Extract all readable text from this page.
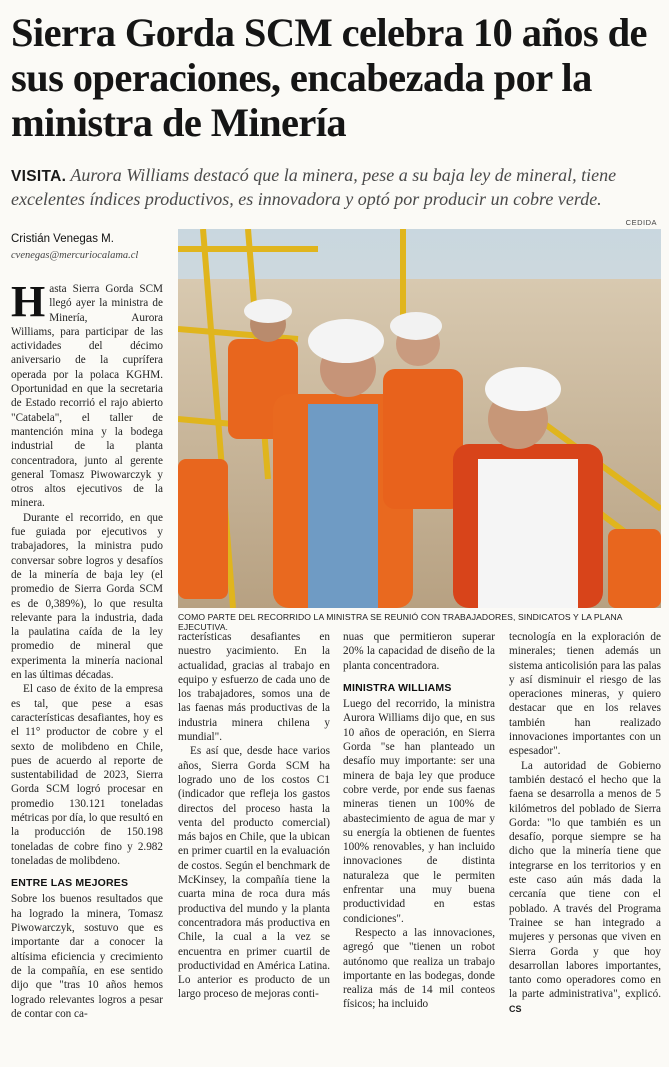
Sierra Gorda SCM celebra 10 años de sus operaciones, encabezada por la ministra de Minería

VISITA. Aurora Williams destacó que la minera, pese a su baja ley de mineral, tiene excelentes índices productivos, es innovadora y optó por producir un cobre verde.

CEDIDA
Cristián Venegas M.
cvenegas@mercuriocalama.cl
COMO PARTE DEL RECORRIDO LA MINISTRA SE REUNIÓ CON TRABAJADORES, SINDICATOS Y LA PLANA EJECUTIVA.

Hasta Sierra Gorda SCM llegó ayer la ministra de Minería, Aurora Williams, para participar de las actividades del décimo aniversario de la cuprífera operada por la polaca KGHM. Oportunidad en que la secretaria de Estado recorrió el rajo abierto "Catabela", el taller de mantención mina y la bodega industrial de la planta concentradora, junto al gerente general Tomasz Piwowarczyk y otros altos ejecutivos de la minera.

Durante el recorrido, en que fue guiada por ejecutivos y trabajadores, la ministra pudo conversar sobre logros y desafíos de la minería de baja ley (el promedio de Sierra Gorda SCM es de 0,389%), lo que resulta relevante para la industria, dada la paulatina caída de la ley promedio de mineral que experimenta la minería nacional en las últimas décadas.

El caso de éxito de la empresa es tal, que pese a esas características desafiantes, hoy es el 11° productor de cobre y el sexto de molibdeno en Chile, pues de acuerdo al reporte de sustentabilidad de 2023, Sierra Gorda SCM logró procesar en promedio 130.121 toneladas métricas por día, lo que resultó en la producción de 150.198 toneladas de cobre fino y 2.982 toneladas de molibdeno.

ENTRE LAS MEJORES

Sobre los buenos resultados que ha logrado la minera, Tomasz Piwowarczyk, sostuvo que es importante dar a conocer la altísima eficiencia y crecimiento de la compañía, en ese sentido dijo que "tras 10 años hemos logrado relevantes logros a pesar de contar con ca-

racterísticas desafiantes en nuestro yacimiento. En la actualidad, gracias al trabajo en equipo y esfuerzo de cada uno de los trabajadores, somos una de las faenas más productivas de la industria minera chilena y mundial".

Es así que, desde hace varios años, Sierra Gorda SCM ha logrado uno de los costos C1 (indicador que refleja los gastos directos del proceso hasta la venta del producto comercial) más bajos en Chile, que la ubican en primer cuartil en la evaluación de costos. Según el benchmark de McKinsey, la compañía tiene la cuarta mina de roca dura más productiva del mundo y la planta concentradora más productiva en Chile, la cual a la vez se encuentra en primer cuartil de productividad en América Latina. Lo anterior es producto de un largo proceso de mejoras conti-

nuas que permitieron superar 20% la capacidad de diseño de la planta concentradora.

MINISTRA WILLIAMS

Luego del recorrido, la ministra Aurora Williams dijo que, en sus 10 años de operación, en Sierra Gorda "se han planteado un desafío muy importante: ser una minera de baja ley que produce cobre verde, por ende sus faenas mineras tienen un 100% de abastecimiento de agua de mar y su energía la obtienen de fuentes 100% renovables, y han incluido innovaciones de distinta naturaleza que le permiten enfrentar una muy buena productividad en estas condiciones".

Respecto a las innovaciones, agregó que "tienen un robot autónomo que realiza un trabajo importante en las bodegas, donde realiza más de 14 mil conteos físicos; ha incluido

tecnología en la exploración de minerales; tienen además un sistema anticolisión para las palas y así disminuir el riesgo de las operaciones mineras, y quiero destacar que en los relaves también han realizado innovaciones importantes con un espesador".

La autoridad de Gobierno también destacó el hecho que la faena se desarrolla a menos de 5 kilómetros del poblado de Sierra Gorda: "lo que también es un desafío, porque siempre se ha dicho que la minería tiene que integrarse en los territorios y en este caso aún más dada la cercanía que tiene con el poblado. A través del Programa Trainee se han integrado a mujeres y personas que viven en Sierra Gorda y que hoy desarrollan labores importantes, tanto como operadores como en la parte administrativa", explicó. CS
